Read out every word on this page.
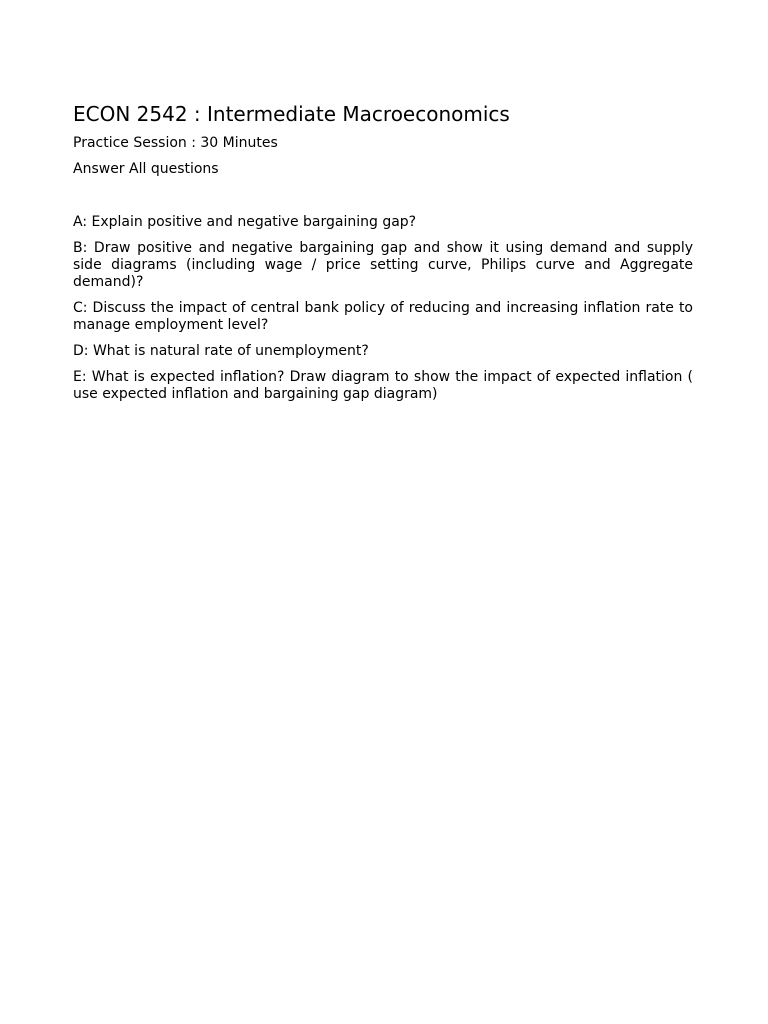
ECON 2542 : Intermediate Macroeconomics

Practice Session : 30 Minutes

Answer All questions

A: Explain positive and negative bargaining gap?

B: Draw positive and negative bargaining gap and show it using demand and supply side diagrams (including wage / price setting curve, Philips curve and Aggregate demand)?

C: Discuss the impact of central bank policy of reducing and increasing inflation rate to manage employment level?

D: What is natural rate of unemployment?

E: What is expected inflation? Draw diagram to show the impact of expected inflation ( use expected inflation and bargaining gap diagram)
